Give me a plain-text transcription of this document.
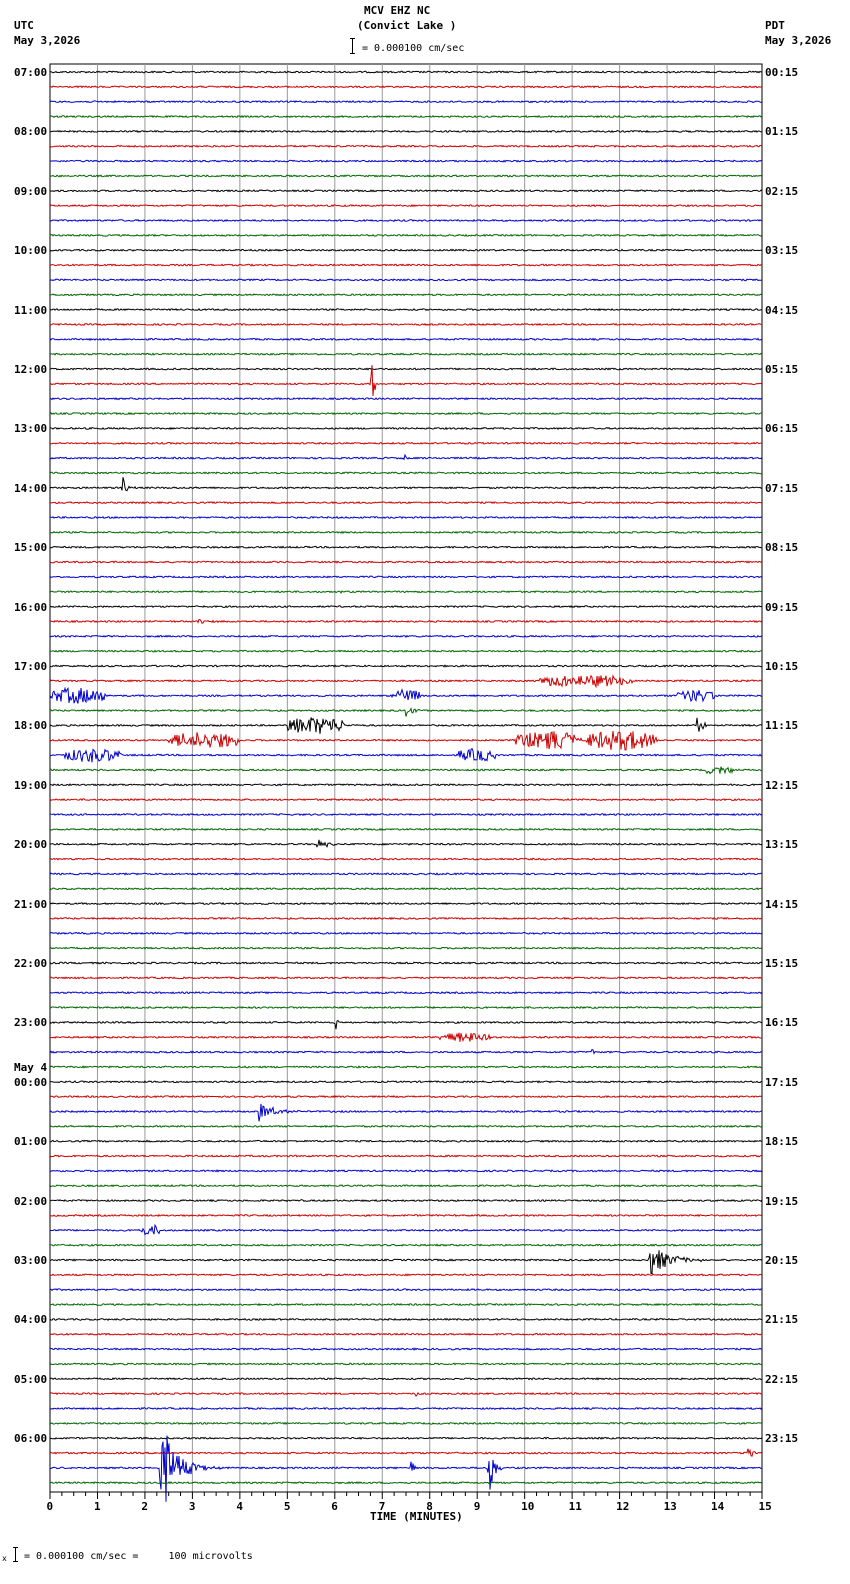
MCV EHZ NC
(Convict Lake )
= 0.000100 cm/sec
UTC
May 3,2026
PDT
May 3,2026
07:00
08:00
09:00
10:00
11:00
12:00
13:00
14:00
15:00
16:00
17:00
18:00
19:00
20:00
21:00
22:00
23:00
00:00
01:00
02:00
03:00
04:00
05:00
06:00
00:15
01:15
02:15
03:15
04:15
05:15
06:15
07:15
08:15
09:15
10:15
11:15
12:15
13:15
14:15
15:15
16:15
17:15
18:15
19:15
20:15
21:15
22:15
23:15
May 4
0	1	2	3	4	5	6	7	8	9	10	11	12	13	14	15
TIME (MINUTES)
x = 0.000100 cm/sec =     100 microvolts
